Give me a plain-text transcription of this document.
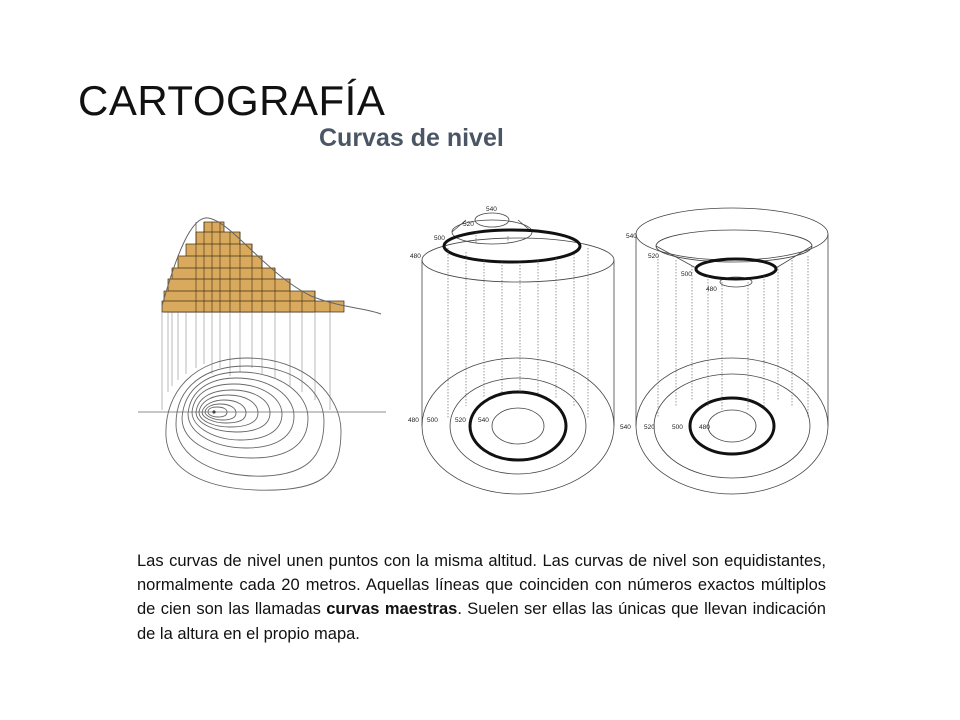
CARTOGRAFÍA
Curvas de nivel
540
520
500
480
480 500	520 540
540
520
500
480
540 520	500 480
Las curvas de nivel unen puntos con la misma altitud. Las curvas de nivel son equidistantes, normalmente cada 20 metros. Aquellas líneas que coinciden con números exactos múltiplos de cien son las llamadas curvas maestras. Suelen ser ellas las únicas que llevan indicación de la altura en el propio mapa.
